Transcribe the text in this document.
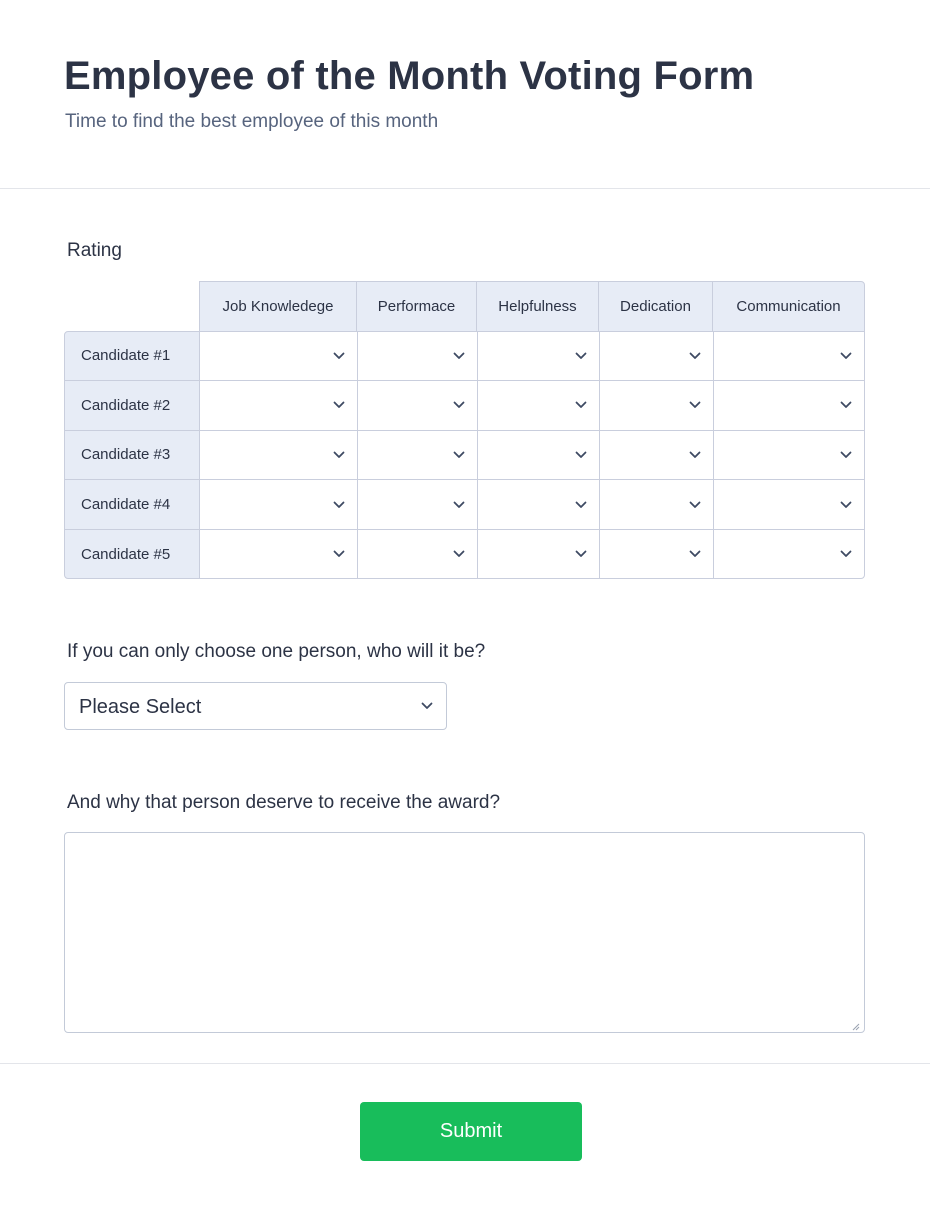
Employee of the Month Voting Form
Time to find the best employee of this month
Rating
Job Knowledege	Performace	Helpfulness	Dedication	Communication
Candidate #1
Candidate #2
Candidate #3
Candidate #4
Candidate #5
If you can only choose one person, who will it be?
Please Select
And why that person deserve to receive the award?
Submit
